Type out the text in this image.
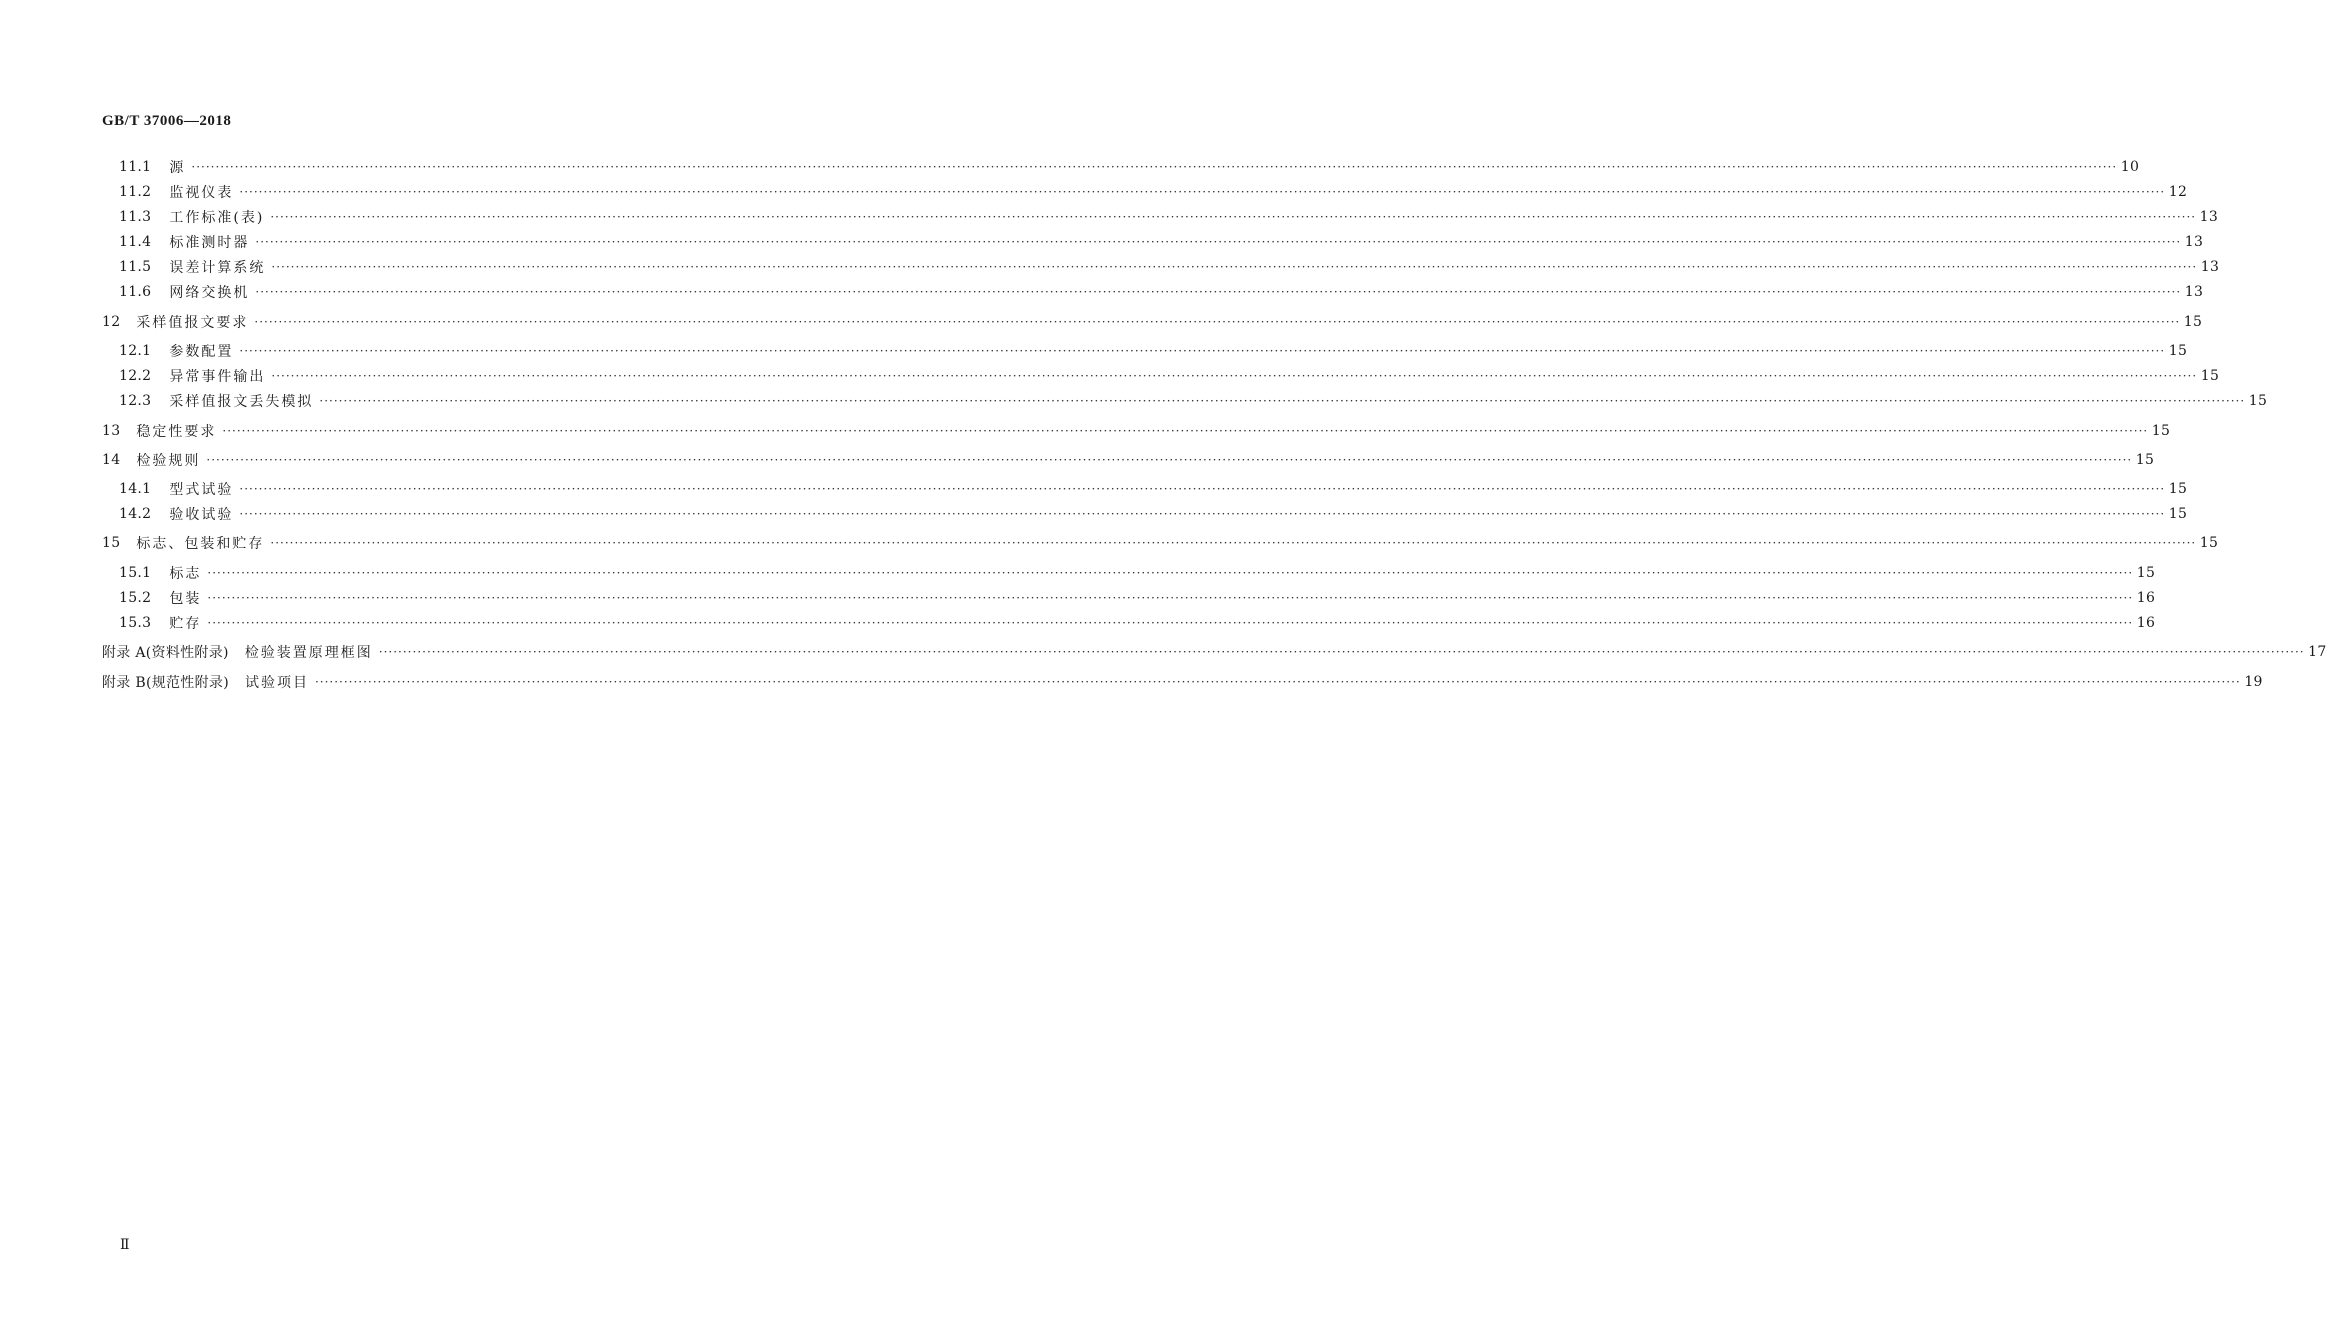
GB/T 37006—2018
11.1 源 ················································································································································································································································································································································································································ 10
11.2 监视仪表 ················································································································································································································································································································································································································ 12
11.3 工作标准(表) ················································································································································································································································································································································································································ 13
11.4 标准测时器 ················································································································································································································································································································································································································ 13
11.5 误差计算系统 ················································································································································································································································································································································································································ 13
11.6 网络交换机 ················································································································································································································································································································································································································ 13
12 采样值报文要求 ················································································································································································································································································································································································································ 15
12.1 参数配置 ················································································································································································································································································································································································································ 15
12.2 异常事件输出 ················································································································································································································································································································································································································ 15
12.3 采样值报文丢失模拟 ················································································································································································································································································································································································································ 15
13 稳定性要求 ················································································································································································································································································································································································································ 15
14 检验规则 ················································································································································································································································································································································································································ 15
14.1 型式试验 ················································································································································································································································································································································································································ 15
14.2 验收试验 ················································································································································································································································································································································································································ 15
15 标志、包装和贮存 ················································································································································································································································································································································································································ 15
15.1 标志 ················································································································································································································································································································································································································ 15
15.2 包装 ················································································································································································································································································································································································································ 16
15.3 贮存 ················································································································································································································································································································································································································ 16
附录 A(资料性附录) 检验装置原理框图 ················································································································································································································································································································································································································ 17
附录 B(规范性附录) 试验项目 ················································································································································································································································································································································································································ 19
Ⅱ
